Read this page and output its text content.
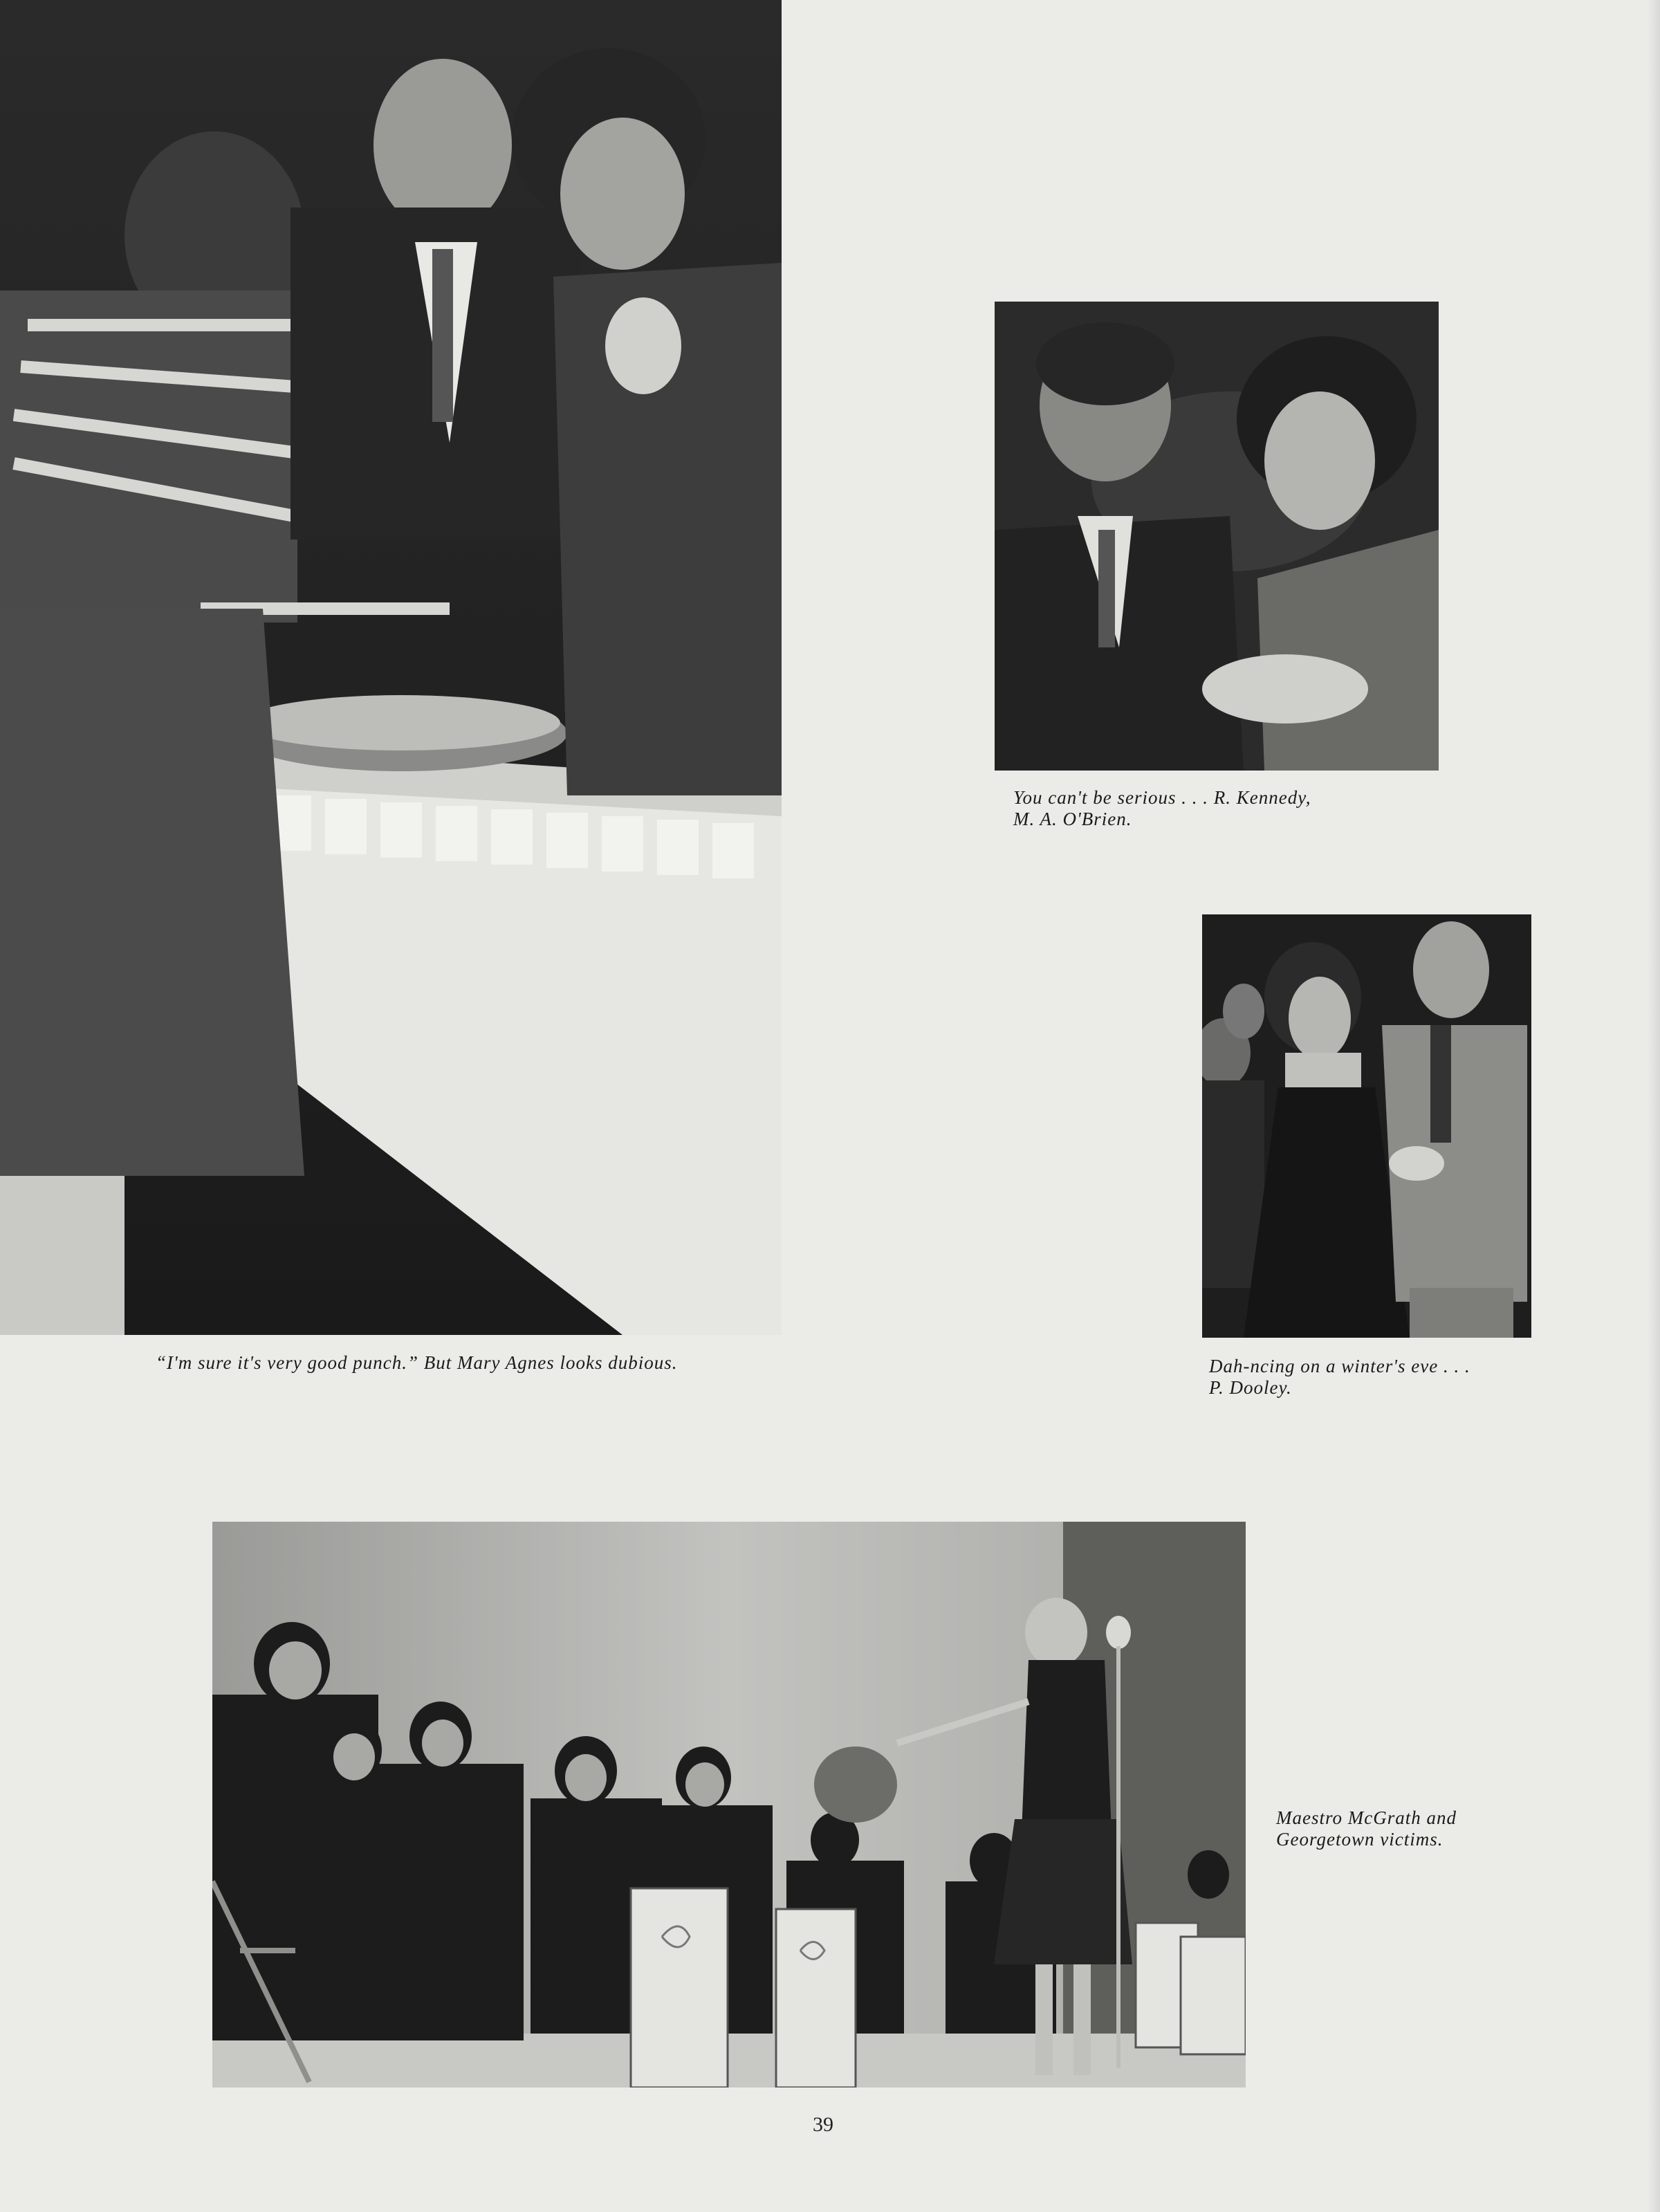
“I'm sure it's very good punch.” But Mary Agnes looks dubious.
You can't be serious . . . R. Kennedy,
M. A. O'Brien.
Dah-ncing on a winter's eve . . .
P. Dooley.
Maestro McGrath and
Georgetown victims.
39
